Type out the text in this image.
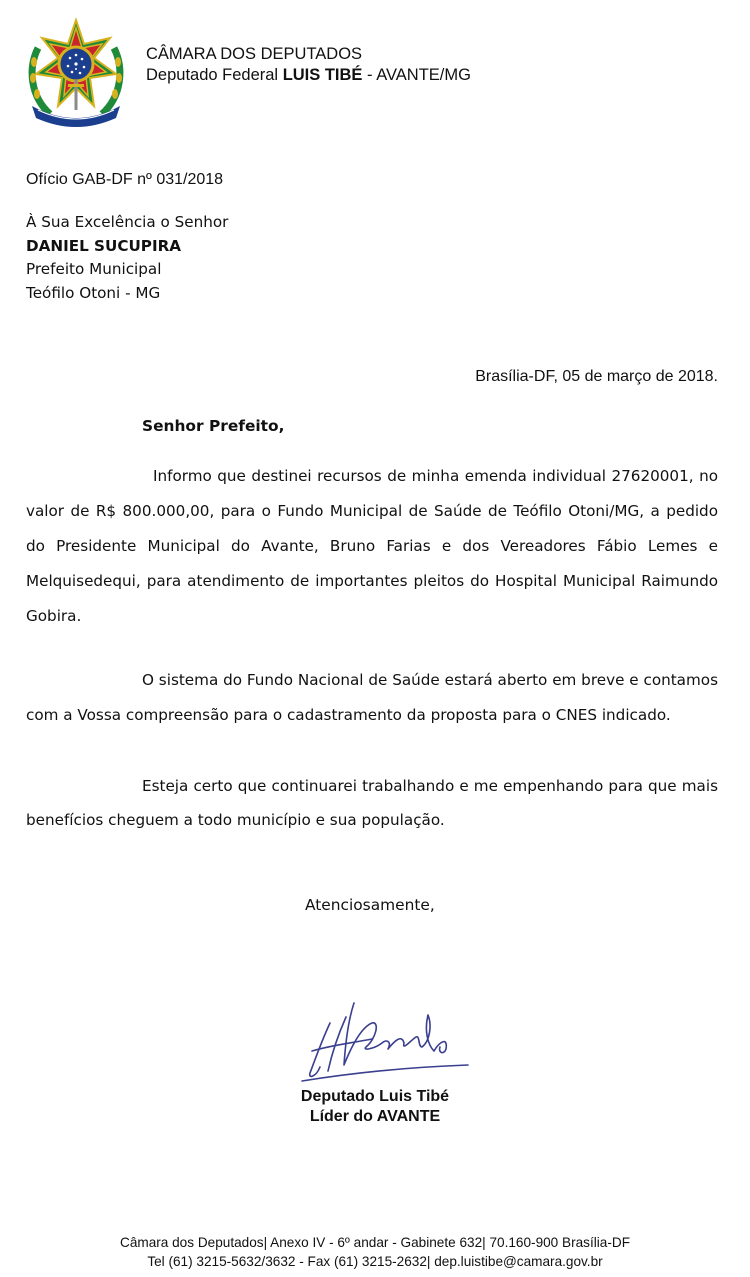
CÂMARA DOS DEPUTADOS
Deputado Federal LUIS TIBÉ - AVANTE/MG
Ofício GAB-DF nº 031/2018
À Sua Excelência o Senhor
DANIEL SUCUPIRA
Prefeito Municipal
Teófilo Otoni - MG
Brasília-DF, 05 de março de 2018.
Senhor Prefeito,

Informo que destinei recursos de minha emenda individual 27620001, no valor de R$ 800.000,00, para o Fundo Municipal de Saúde de Teófilo Otoni/MG, a pedido do Presidente Municipal do Avante, Bruno Farias e dos Vereadores Fábio Lemes e Melquisedequi, para atendimento de importantes pleitos do Hospital Municipal Raimundo Gobira.

O sistema do Fundo Nacional de Saúde estará aberto em breve e contamos com a Vossa compreensão para o cadastramento da proposta para o CNES indicado.

Esteja certo que continuarei trabalhando e me empenhando para que mais benefícios cheguem a todo município e sua população.

Atenciosamente,
Deputado Luis Tibé
Líder do AVANTE
Câmara dos Deputados| Anexo IV - 6º andar - Gabinete 632| 70.160-900 Brasília-DF
Tel (61) 3215-5632/3632 - Fax (61) 3215-2632| dep.luistibe@camara.gov.br
